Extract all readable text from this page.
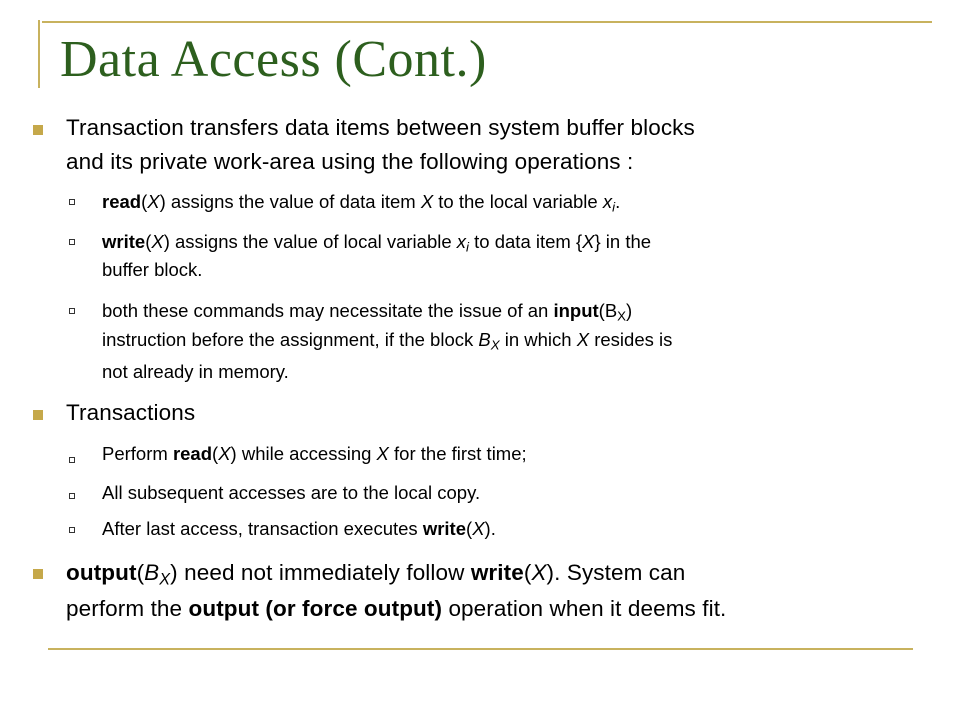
Data Access (Cont.)
Transaction transfers data items between system buffer blocks
and its private work-area using the following operations :
read(X) assigns the value of data item X to the local variable $x_i$.
write(X) assigns the value of local variable $x_i$ to data item {X} in the
buffer block.
both these commands may necessitate the issue of an $input(B_X)$
instruction before the assignment, if the block $B_X$ in which X resides is
not already in memory.
Transactions
Perform read(X) while accessing X for the first time;
All subsequent accesses are to the local copy.
After last access, transaction executes write(X).
$output(B_X)$ need not immediately follow write(X). System can
perform the output (or force output) operation when it deems fit.
